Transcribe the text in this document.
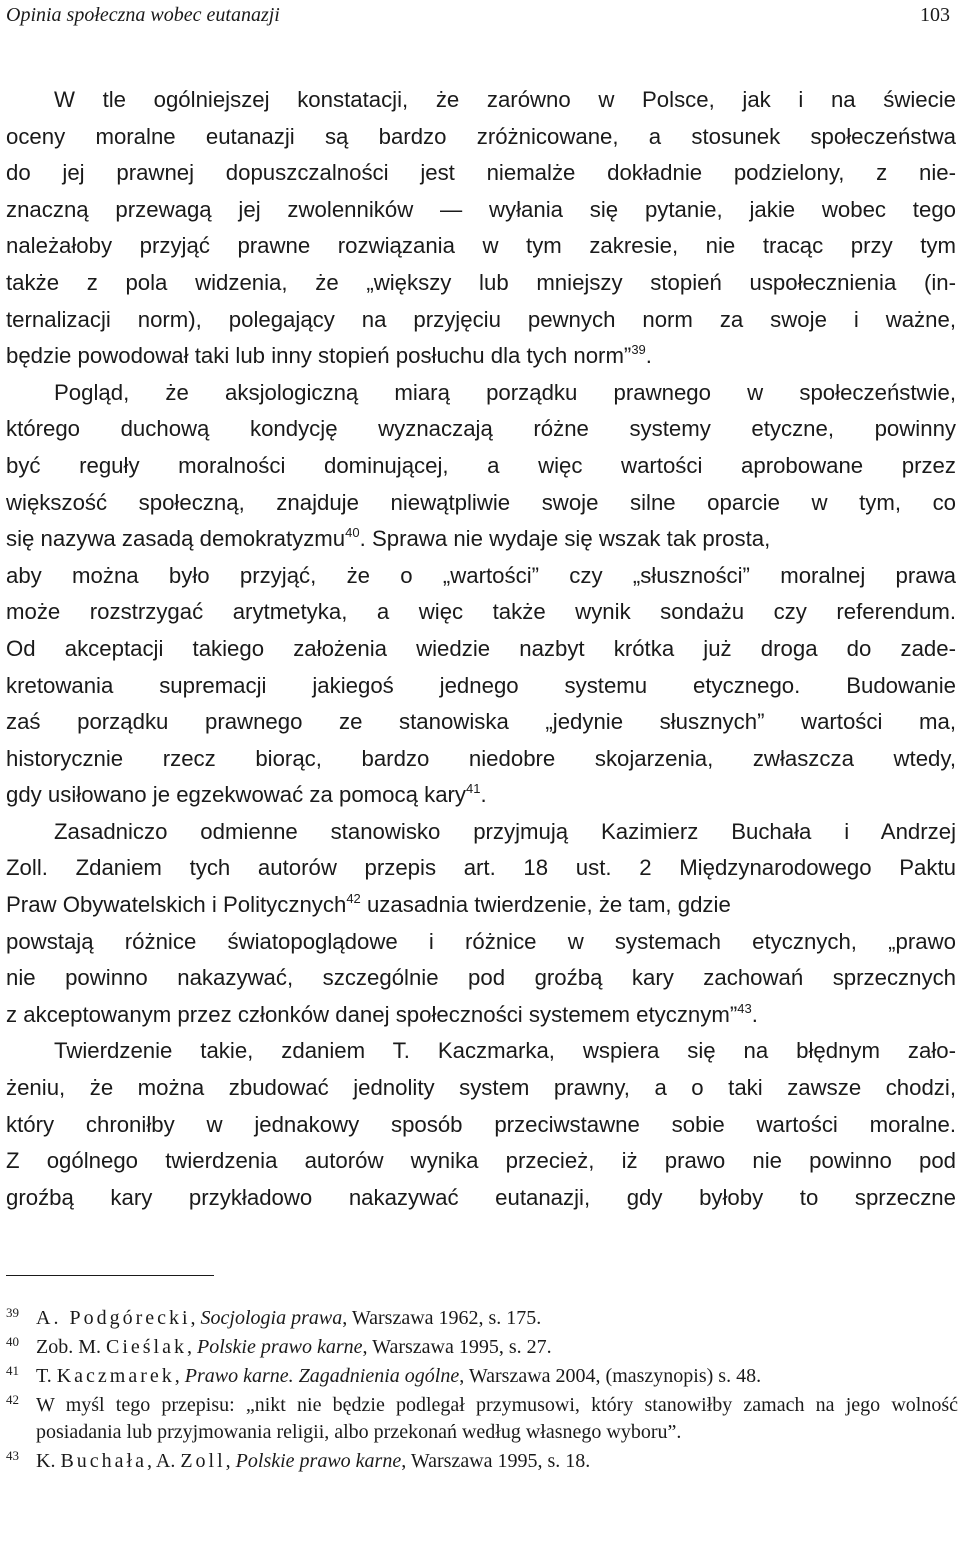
Opinia społeczna wobec eutanazji	103

W tle ogólniejszej konstatacji, że zarówno w Polsce, jak i na świecie
oceny moralne eutanazji są bardzo zróżnicowane, a stosunek społeczeństwa
do jej prawnej dopuszczalności jest niemalże dokładnie podzielony, z nie-
znaczną przewagą jej zwolenników — wyłania się pytanie, jakie wobec tego
należałoby przyjąć prawne rozwiązania w tym zakresie, nie tracąc przy tym
także z pola widzenia, że „większy lub mniejszy stopień uspołecznienia (in-
ternalizacji norm), polegający na przyjęciu pewnych norm za swoje i ważne,
będzie powodował taki lub inny stopień posłuchu dla tych norm”$^{39}$.

Pogląd, że aksjologiczną miarą porządku prawnego w społeczeństwie,
którego duchową kondycję wyznaczają różne systemy etyczne, powinny
być reguły moralności dominującej, a więc wartości aprobowane przez
większość społeczną, znajduje niewątpliwie swoje silne oparcie w tym, co
się nazywa zasadą demokratyzmu$^{40}$. Sprawa nie wydaje się wszak tak prosta,
aby można było przyjąć, że o „wartości” czy „słuszności” moralnej prawa
może rozstrzygać arytmetyka, a więc także wynik sondażu czy referendum.
Od akceptacji takiego założenia wiedzie nazbyt krótka już droga do zade-
kretowania supremacji jakiegoś jednego systemu etycznego. Budowanie
zaś porządku prawnego ze stanowiska „jedynie słusznych” wartości ma,
historycznie rzecz biorąc, bardzo niedobre skojarzenia, zwłaszcza wtedy,
gdy usiłowano je egzekwować za pomocą kary$^{41}$.

Zasadniczo odmienne stanowisko przyjmują Kazimierz Buchała i Andrzej
Zoll. Zdaniem tych autorów przepis art. 18 ust. 2 Międzynarodowego Paktu
Praw Obywatelskich i Politycznych$^{42}$ uzasadnia twierdzenie, że tam, gdzie
powstają różnice światopoglądowe i różnice w systemach etycznych, „prawo
nie powinno nakazywać, szczególnie pod groźbą kary zachowań sprzecznych
z akceptowanym przez członków danej społeczności systemem etycznym”$^{43}$.

Twierdzenie takie, zdaniem T. Kaczmarka, wspiera się na błędnym zało-
żeniu, że można zbudować jednolity system prawny, a o taki zawsze chodzi,
który chroniłby w jednakowy sposób przeciwstawne sobie wartości moralne.
Z ogólnego twierdzenia autorów wynika przecież, iż prawo nie powinno pod
groźbą kary przykładowo nakazywać eutanazji, gdy byłoby to sprzeczne

39 A. Podgórecki, Socjologia prawa, Warszawa 1962, s. 175.

40 Zob. M. Cieślak, Polskie prawo karne, Warszawa 1995, s. 27.

41 T. Kaczmarek, Prawo karne. Zagadnienia ogólne, Warszawa 2004, (maszynopis) s. 48.

42 W myśl tego przepisu: „nikt nie będzie podlegał przymusowi, który stanowiłby zamach na jego wolność posiadania lub przyjmowania religii, albo przekonań według własnego wyboru”.

43 K. Buchała, A. Zoll, Polskie prawo karne, Warszawa 1995, s. 18.
